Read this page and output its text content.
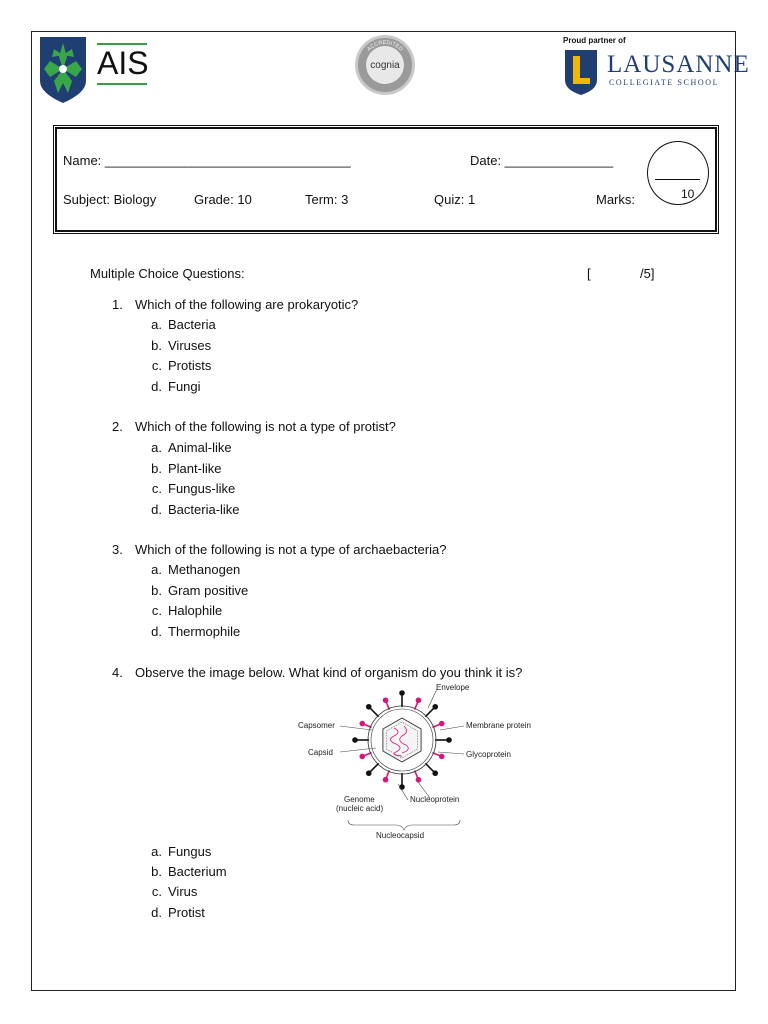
AIS	ACCREDITED
cognia
Proud partner of
LAUSANNE
COLLEGIATE SCHOOL
Name: __________________________________	Date: _______________
Subject: Biology	Grade: 10	Term: 3	Quiz: 1	Marks:	10
Multiple Choice Questions:	[	/5]
1. Which of the following are prokaryotic?
a. Bacteria
b. Viruses
c. Protists
d. Fungi
2. Which of the following is not a type of protist?
a. Animal-like
b. Plant-like
c. Fungus-like
d. Bacteria-like
3. Which of the following is not a type of archaebacteria?
a. Methanogen
b. Gram positive
c. Halophile
d. Thermophile
4. Observe the image below. What kind of organism do you think it is?
Envelope
Capsomer	Membrane protein
Capsid	Glycoprotein
Genome
(nucleic acid)
Nucleoprotein
Nucleocapsid
a. Fungus
b. Bacterium
c. Virus
d. Protist
